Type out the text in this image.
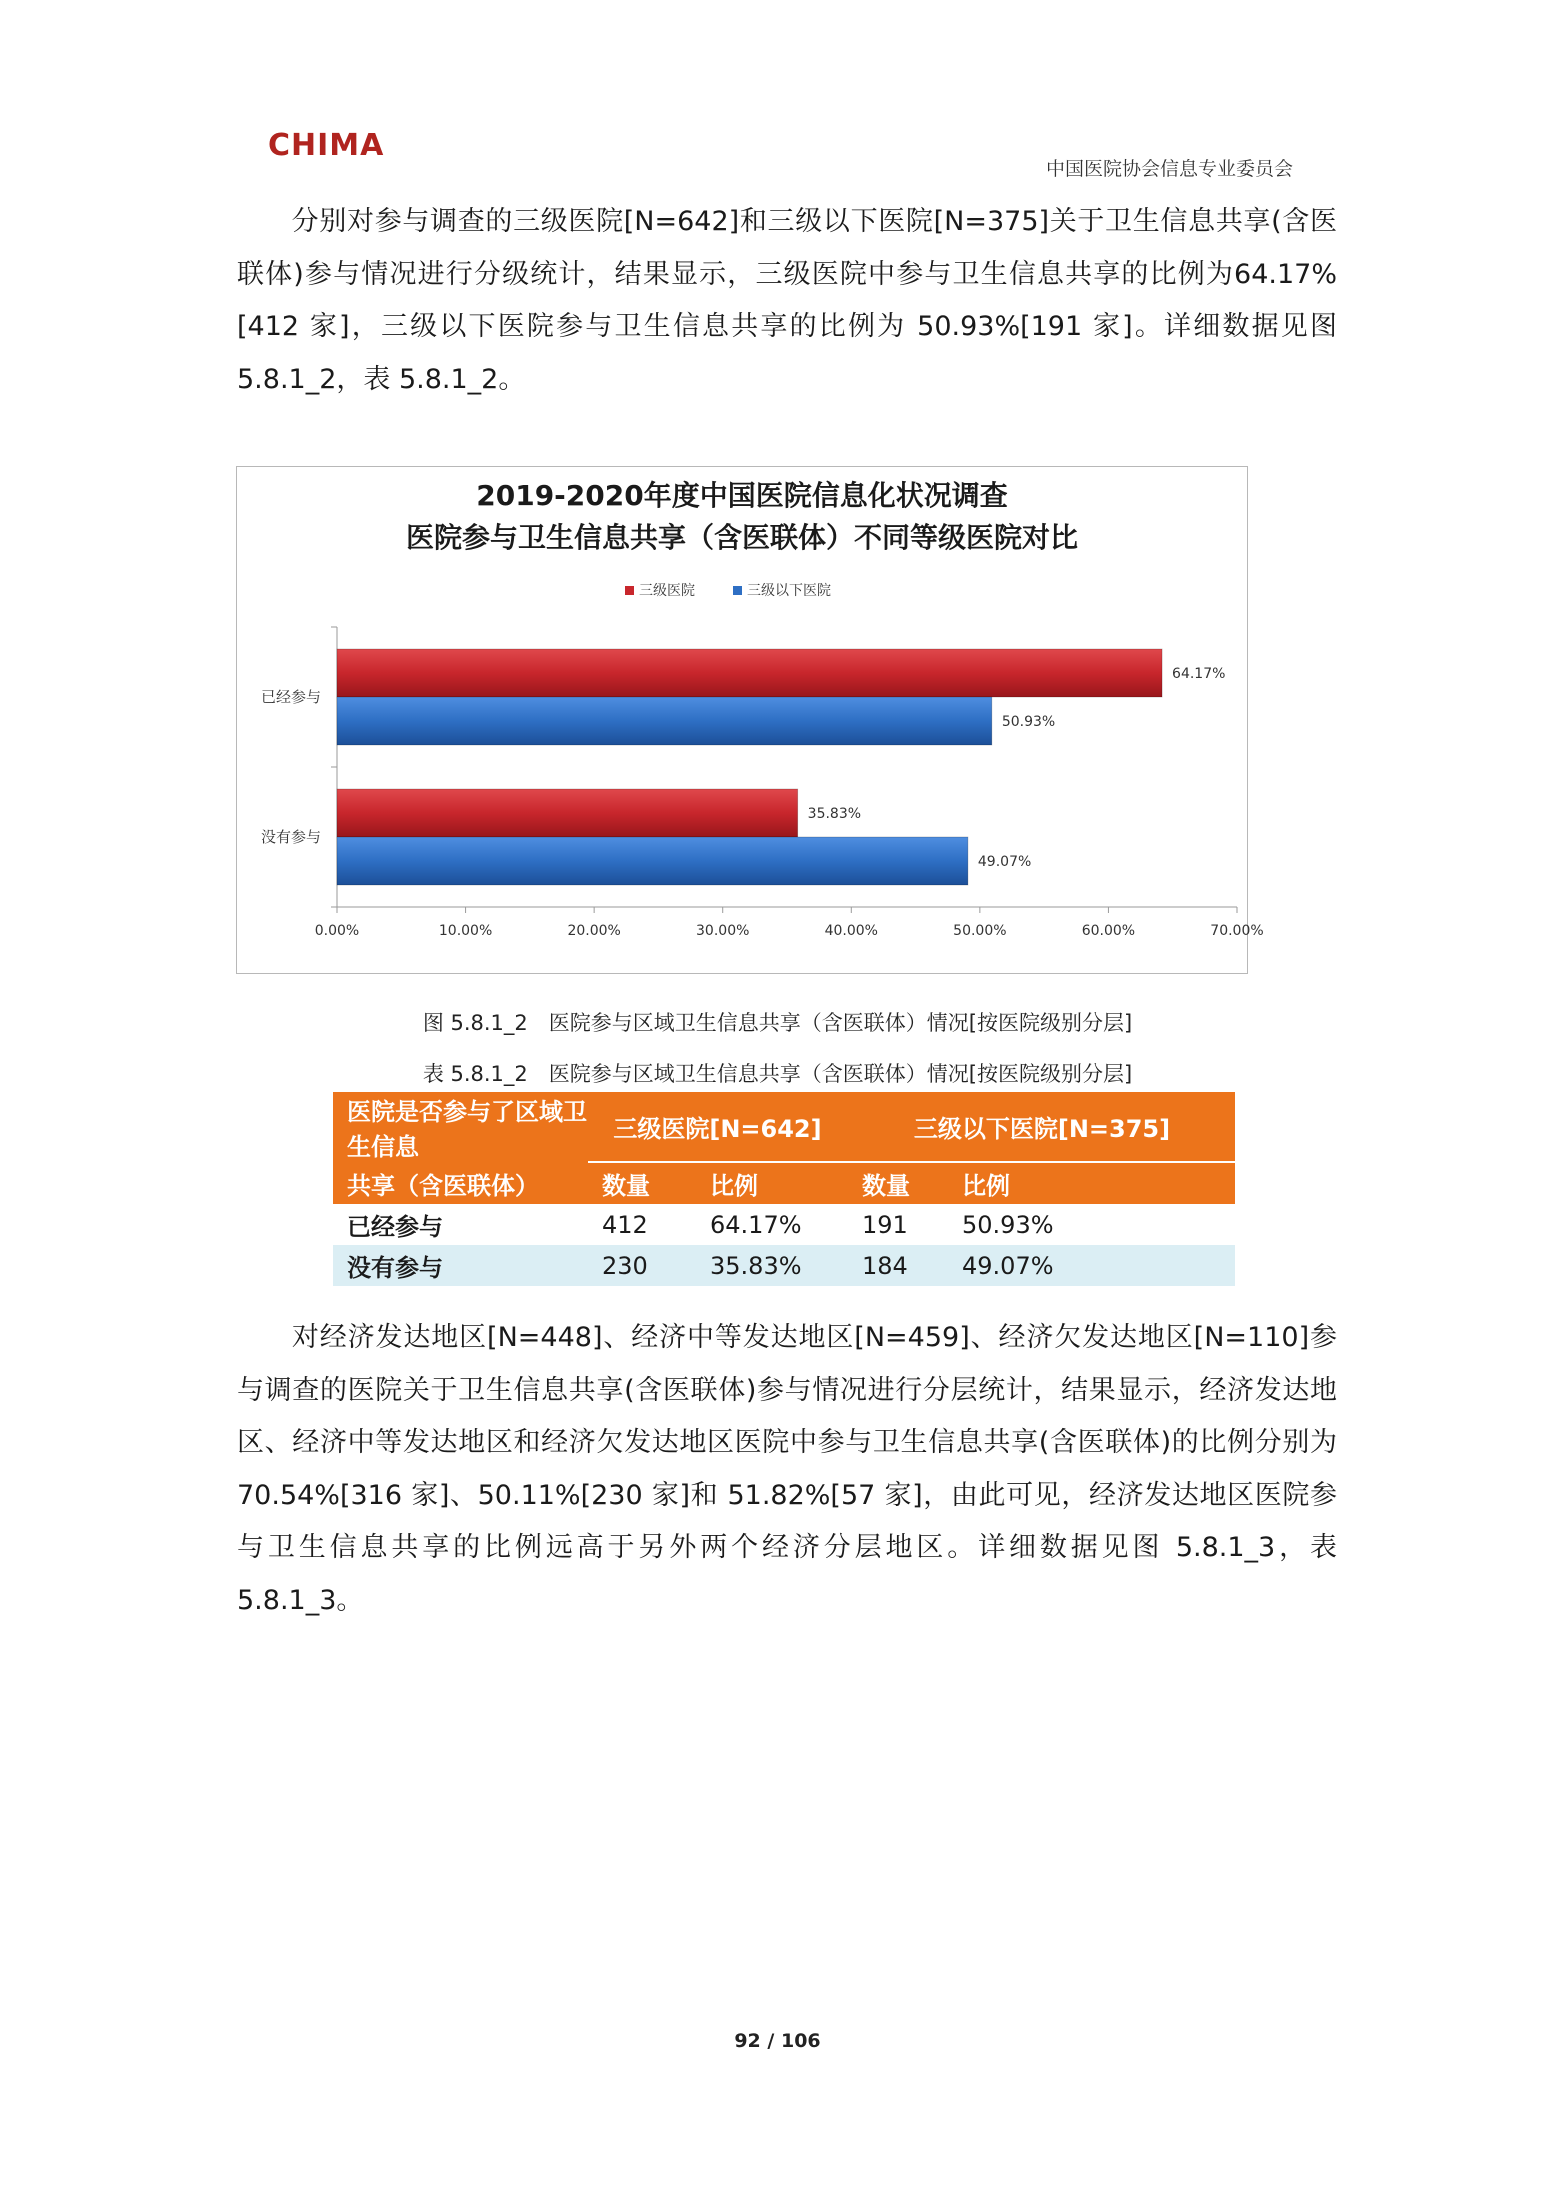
CHIMA
中国医院协会信息专业委员会

分别对参与调查的三级医院[N=642]和三级以下医院[N=375]关于卫生信息共享(含医联体)参与情况进行分级统计，结果显示，三级医院中参与卫生信息共享的比例为64.17%[412 家]，三级以下医院参与卫生信息共享的比例为 50.93%[191 家]。详细数据见图 5.8.1_2，表 5.8.1_2。

2019-2020年度中国医院信息化状况调查
医院参与卫生信息共享（含医联体）不同等级医院对比
三级医院	三级以下医院
0.00%	10.00%	20.00%	30.00%	40.00%	50.00%	60.00%	70.00%
已经参与
64.17%
50.93%
没有参与
35.83%
49.07%

图 5.8.1_2　医院参与区域卫生信息共享（含医联体）情况[按医院级别分层]

表 5.8.1_2　医院参与区域卫生信息共享（含医联体）情况[按医院级别分层]

医院是否参与了区域卫生信息	三级医院[N=642]		三级以下医院[N=375]	
共享（含医联体）	数量	比例	数量	比例
已经参与	412	64.17%	191	50.93%
没有参与	230	35.83%	184	49.07%

对经济发达地区[N=448]、经济中等发达地区[N=459]、经济欠发达地区[N=110]参与调查的医院关于卫生信息共享(含医联体)参与情况进行分层统计，结果显示，经济发达地区、经济中等发达地区和经济欠发达地区医院中参与卫生信息共享(含医联体)的比例分别为 70.54%[316 家]、50.11%[230 家]和 51.82%[57 家]，由此可见，经济发达地区医院参与卫生信息共享的比例远高于另外两个经济分层地区。详细数据见图 5.8.1_3，表 5.8.1_3。

92 / 106
